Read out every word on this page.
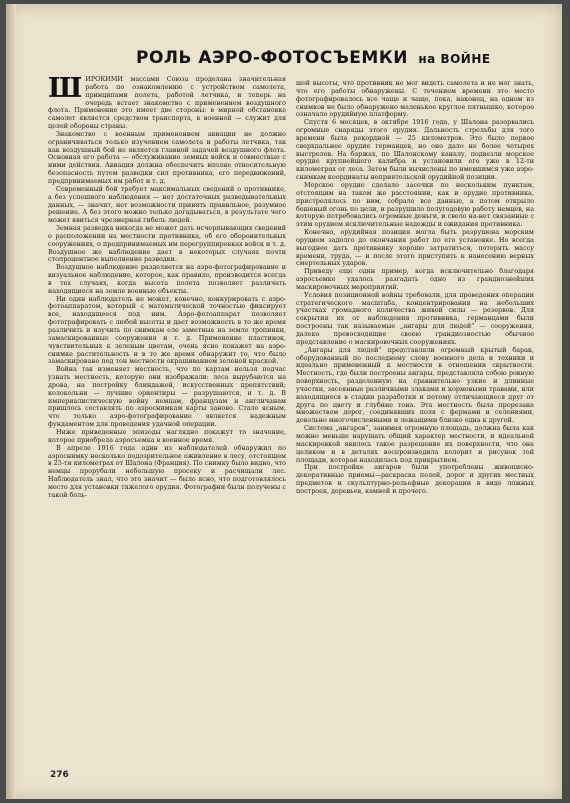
РОЛЬ АЭРО-ФОТОСЪЕМКИ на ВОЙНЕ

ШИРОКИМИ массами Союза проделана значительная работа по ознакомлению с устройством самолета, принципами полета, работой летчика, и теперь на очередь встает знакомство с применением воздушного флота. Применение это имеет две стороны: в мирной обстановке самолет является средством транспорта, в военной — служит для целей обороны страны.

Знакомство с военным применением авиации не должно ограничиваться только изучением самолета и работы летчика, так как воздушный бой не является главной задачей воздушного флота. Основная его работа — обслуживание земных войск и совместные с ними действия. Авиация должна обеспечить вполне относительную безопасность путем разведки сил противника, его передвижений, предпринимаемых им работ и т. д.

Современный бой требует максимальных сведений о противнике, а без успешного наблюдения — нет достаточных разведывательных данных, — значит, нет возможности принять правильное, разумное решение. А без этого можно только догадываться, в результате чего может явиться чрезмерная гибель людей.

Земная разведка никогда не может дать исчерпывающих сведений о расположении на местности противника, об его оборонительных сооружениях, о предпринимаемых им перегруппировках войск и т. д. Воздушное же наблюдение дает в некоторых случаях почти стопроцентное выполнение разведки.

Воздушное наблюдение разделяется на аэро-фотографирование и визуальное наблюдение, которое, как правило, производится всегда в тех случаях, когда высота полета позволяет различать находящиеся на земле военные объекты.

Ни один наблюдатель не может, конечно, конкурировать с аэро-фотоаппаратом, который с математической точностью фиксирует все, находящееся под ним. Аэро-фотоаппарат позволяет фотографировать с любой высоты и дает возможность в то же время различить и изучить по снимкам еле заметные на земле тропинки, замаскированные сооружения и т. д. Применение пластинок, чувствительных к зеленым цветам, очень ясно покажет на аэро-снимке растительность и в то же время обнаружит то, что было замаскировано под тон местности окрашиванием зеленой краской.

Война так изменяет местность, что по картам нельзя подчас узнать местность, которую они изображали: леса вырубаются на дрова, на постройку блиндажей, искусственных препятствий; колокольни — лучшие ориентиры — разрушаются, и т. д. В империалистическую войну немцам, французам и англичанам пришлось составлять по аэроснимкам карты заново. Стало ясным, что только аэро-фотографирование является надежным фундаментом для проведения удачной операции.

Ниже приведенные эпизоды наглядно покажут то значение, которое приобрела аэросъемка в военное время.

В апреле 1916 года один из наблюдателей обнаружил по аэроснимку несколько подозрительное оживление в лесу, отстоящем в 25-ти километрах от Шалона (Франция). По снимку было видно, что немцы прорубали небольшую просеку и расчищали лес. Наблюдатель знал, что это значит — было ясно, что подготовлялось место для установки тяжелого орудия. Фотографии были получены с такой боль-

шой высоты, что противник не мог видеть самолета и не мог знать, что его работы обнаружены. С течением времени это место фотографировалось все чаще и чаще, пока, наконец, на одном из снимков не было обнаружено маленькое круглое пятнышко, которое означало орудийную платформу.

Спустя 6 месяцев, в октябре 1916 года, у Шалона разорвались огромные снаряды этого орудия. Дальность стрельбы для того времени была рекордной — 25 километров. Это было первое сверхдальнее орудие германцев, но оно дало не более четырех выстрелов. На баржах, по Шалонскому каналу, подвезли морское орудие крупнейшего калибра и установили его уже в 12-ти километрах от леса. Затем были вычислены по имевшимся уже аэро-снимкам координаты неприятельской орудийной позиции.

Морское орудие сделало засечки по нескольким пунктам, отстоящим на таком же расстоянии, как и орудие противника, пристрелялось по ним, собрало все данные, а потом открыло бешеный огонь по цели, и разрушило полугодовую работу немцев, на которую потребовались огромные деньги, и свело на-нет связанные с этим орудием исключительные надежды и ожидания противника.

Конечно, орудийная позиция могла быть разрушена морским орудием задолго до окончания работ по его установке. Но всегда выгоднее дать противнику хорошо затратиться, потерять массу времени, труда, — и после этого приступить к нанесению верных смертельных ударов.

Приведу еще один пример, когда исключительно благодаря аэросъемке удалось разгадать одно из грандиознейших маскировочных мероприятий.

Условия позиционной войны требовали, для проведения операции стратегического масштаба, концентрирования на небольших участках громадного количества живой силы — резервов. Для сокрытия их от наблюдения противника, германцами были построены так называемые „ангары для людей“ — сооружения, далеко превосходящие своею грандиозностью обычное представление о маскировочных сооружениях.

„Ангары для людей“ представляли огромный крытый барак, оборудованный по последнему слову военного дела и техники и идеально примененный к местности в отношении скрытности. Местность, где были построены ангары, представляла собою ровную поверхность, разделенную на сравнительно узкие и длинные участки, засеянные различными злаками и кормовыми травами, или находящиеся в стадии разработки и потому отличающиеся друг от друга по цвету и глубине тона. Эта местность была прорезана множеством дорог, соединявших поля с фермами и селениями, довольно многочисленными и лежащими близко одна к другой.

Система „ангаров“, занимая огромную площадь, должна была как можно меньше нарушать общий характер местности, и идеальной маскировкой явилось такое разрешение их поверхности, что она целиком и в деталях воспроизводила колорит и рисунок той площади, которая находилась под прикрытием.

При постройке ангаров были употреблены живописно-декоративные приемы—раскраска полей, дорог и других местных предметов и скульптурно-рельефные декорации в виде ложных построек, деревьев, камней и прочего.

276
